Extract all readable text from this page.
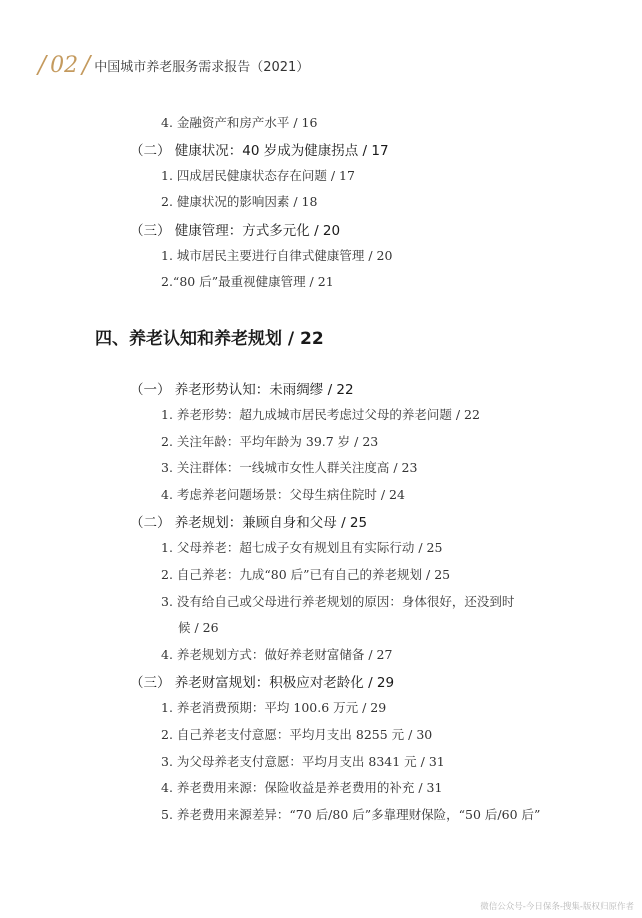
/ 02 / 中国城市养老服务需求报告（2021）
4. 金融资产和房产水平 / 16
（二） 健康状况：40 岁成为健康拐点 / 17
1. 四成居民健康状态存在问题 / 17
2. 健康状况的影响因素 / 18
（三） 健康管理：方式多元化 / 20
1. 城市居民主要进行自律式健康管理 / 20
2.“80 后”最重视健康管理 / 21
四、养老认知和养老规划 / 22
（一） 养老形势认知：未雨绸缪 / 22
1. 养老形势：超九成城市居民考虑过父母的养老问题 / 22
2. 关注年龄：平均年龄为 39.7 岁 / 23
3. 关注群体：一线城市女性人群关注度高 / 23
4. 考虑养老问题场景：父母生病住院时 / 24
（二） 养老规划：兼顾自身和父母 / 25
1. 父母养老：超七成子女有规划且有实际行动 / 25
2. 自己养老：九成“80 后”已有自己的养老规划 / 25
3. 没有给自己或父母进行养老规划的原因：身体很好，还没到时
候 / 26
4. 养老规划方式：做好养老财富储备 / 27
（三） 养老财富规划：积极应对老龄化 / 29
1. 养老消费预期：平均 100.6 万元 / 29
2. 自己养老支付意愿：平均月支出 8255 元 / 30
3. 为父母养老支付意愿：平均月支出 8341 元 / 31
4. 养老费用来源：保险收益是养老费用的补充 / 31
5. 养老费用来源差异：“70 后/80 后”多靠理财保险，“50 后/60 后”
微信公众号-今日保条-搜集-版权归原作者
